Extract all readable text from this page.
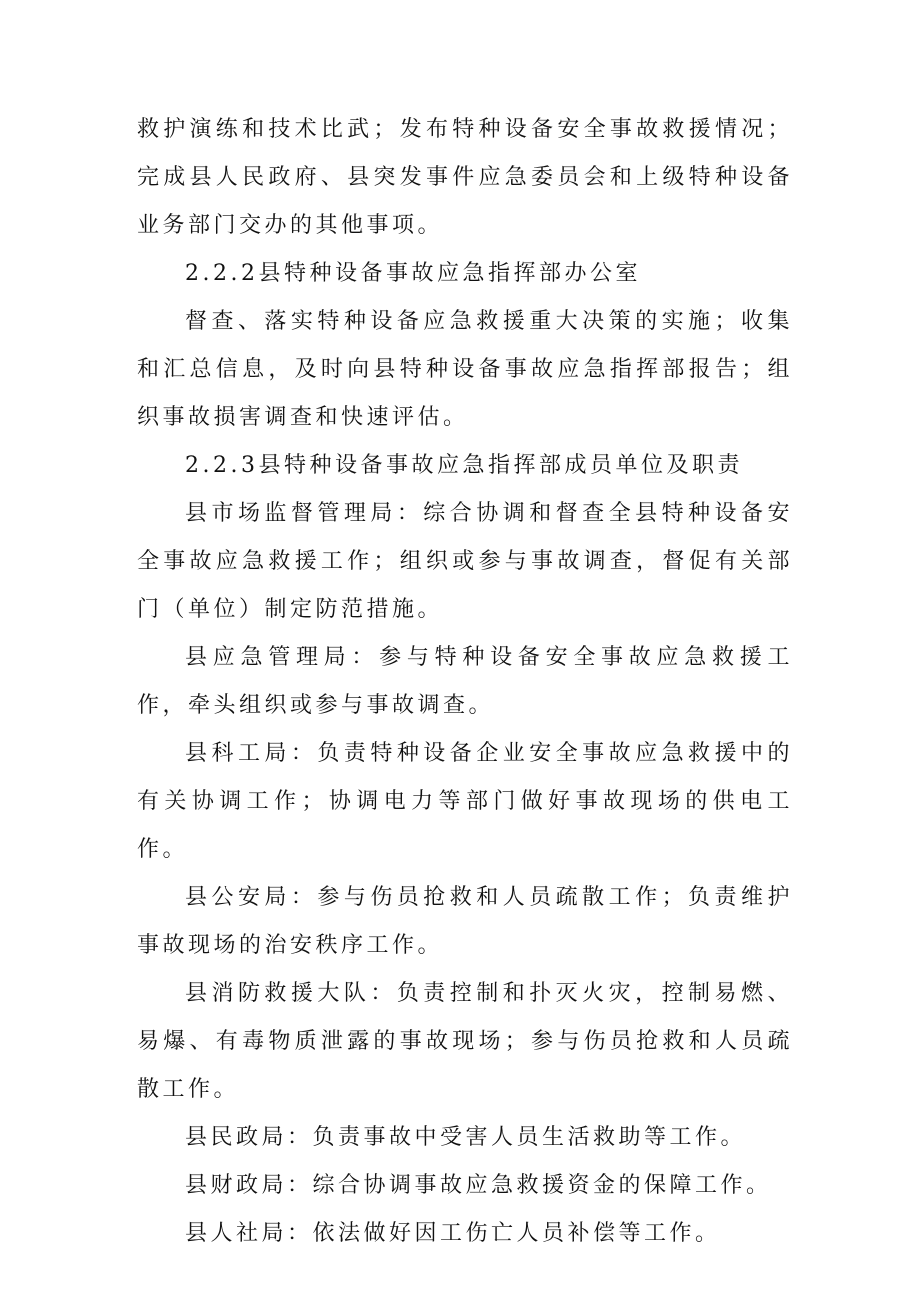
救护演练和技术比武；发布特种设备安全事故救援情况；完成县人民政府、县突发事件应急委员会和上级特种设备业务部门交办的其他事项。

2.2.2县特种设备事故应急指挥部办公室

督查、落实特种设备应急救援重大决策的实施；收集和汇总信息，及时向县特种设备事故应急指挥部报告；组织事故损害调查和快速评估。

2.2.3县特种设备事故应急指挥部成员单位及职责

县市场监督管理局：综合协调和督查全县特种设备安全事故应急救援工作；组织或参与事故调查，督促有关部门（单位）制定防范措施。

县应急管理局：参与特种设备安全事故应急救援工作，牵头组织或参与事故调查。

县科工局：负责特种设备企业安全事故应急救援中的有关协调工作；协调电力等部门做好事故现场的供电工作。

县公安局：参与伤员抢救和人员疏散工作；负责维护事故现场的治安秩序工作。

县消防救援大队：负责控制和扑灭火灾，控制易燃、易爆、有毒物质泄露的事故现场；参与伤员抢救和人员疏散工作。

县民政局：负责事故中受害人员生活救助等工作。

县财政局：综合协调事故应急救援资金的保障工作。

县人社局：依法做好因工伤亡人员补偿等工作。
